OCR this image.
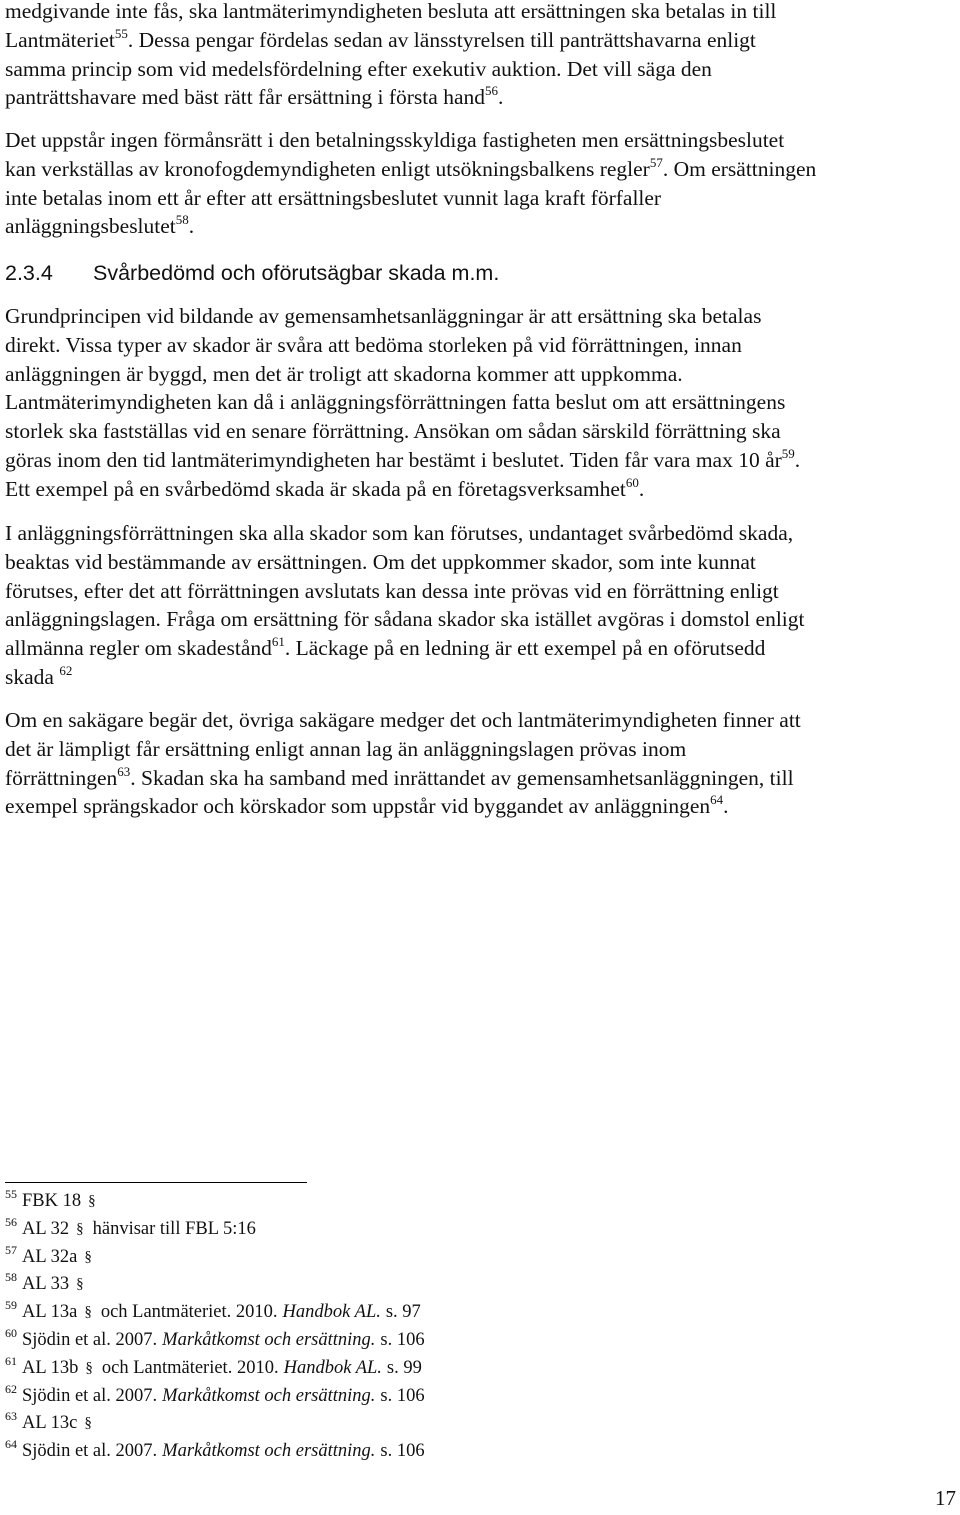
medgivande inte fås, ska lantmäterimyndigheten besluta att ersättningen ska betalas in till
Lantmäteriet$^{55}$. Dessa pengar fördelas sedan av länsstyrelsen till panträttshavarna enligt
samma princip som vid medelsfördelning efter exekutiv auktion. Det vill säga den
panträttshavare med bäst rätt får ersättning i första hand$^{56}$.
Det uppstår ingen förmånsrätt i den betalningsskyldiga fastigheten men ersättningsbeslutet
kan verkställas av kronofogdemyndigheten enligt utsökningsbalkens regler$^{57}$. Om ersättningen
inte betalas inom ett år efter att ersättningsbeslutet vunnit laga kraft förfaller
anläggningsbeslutet$^{58}$.
2.3.4 Svårbedömd och oförutsägbar skada m.m.
Grundprincipen vid bildande av gemensamhetsanläggningar är att ersättning ska betalas
direkt. Vissa typer av skador är svåra att bedöma storleken på vid förrättningen, innan
anläggningen är byggd, men det är troligt att skadorna kommer att uppkomma.
Lantmäterimyndigheten kan då i anläggningsförrättningen fatta beslut om att ersättningens
storlek ska fastställas vid en senare förrättning. Ansökan om sådan särskild förrättning ska
göras inom den tid lantmäterimyndigheten har bestämt i beslutet. Tiden får vara max 10 $år^{59}$.
Ett exempel på en svårbedömd skada är skada på en företagsverksamhet$^{60}$.
I anläggningsförrättningen ska alla skador som kan förutses, undantaget svårbedömd skada,
beaktas vid bestämmande av ersättningen. Om det uppkommer skador, som inte kunnat
förutses, efter det att förrättningen avslutats kan dessa inte prövas vid en förrättning enligt
anläggningslagen. Fråga om ersättning för sådana skador ska istället avgöras i domstol enligt
allmänna regler om skadestånd$^{61}$. Läckage på en ledning är ett exempel på en oförutsedd
skada $^{62}$
Om en sakägare begär det, övriga sakägare medger det och lantmäterimyndigheten finner att
det är lämpligt får ersättning enligt annan lag än anläggningslagen prövas inom
förrättningen$^{63}$. Skadan ska ha samband med inrättandet av gemensamhetsanläggningen, till
exempel sprängskador och körskador som uppstår vid byggandet av anläggningen$^{64}$.
$^{55}$ FBK 18 §
$^{56}$ AL 32 § hänvisar till FBL 5:16
$^{57}$ AL 32a §
$^{58}$ AL 33 §
$^{59}$ AL 13a § och Lantmäteriet. 2010. Handbok AL. s. 97
$^{60}$ Sjödin et al. 2007. Markåtkomst och ersättning. s. 106
$^{61}$ AL 13b § och Lantmäteriet. 2010. Handbok AL. s. 99
$^{62}$ Sjödin et al. 2007. Markåtkomst och ersättning. s. 106
$^{63}$ AL 13c §
$^{64}$ Sjödin et al. 2007. Markåtkomst och ersättning. s. 106
17
